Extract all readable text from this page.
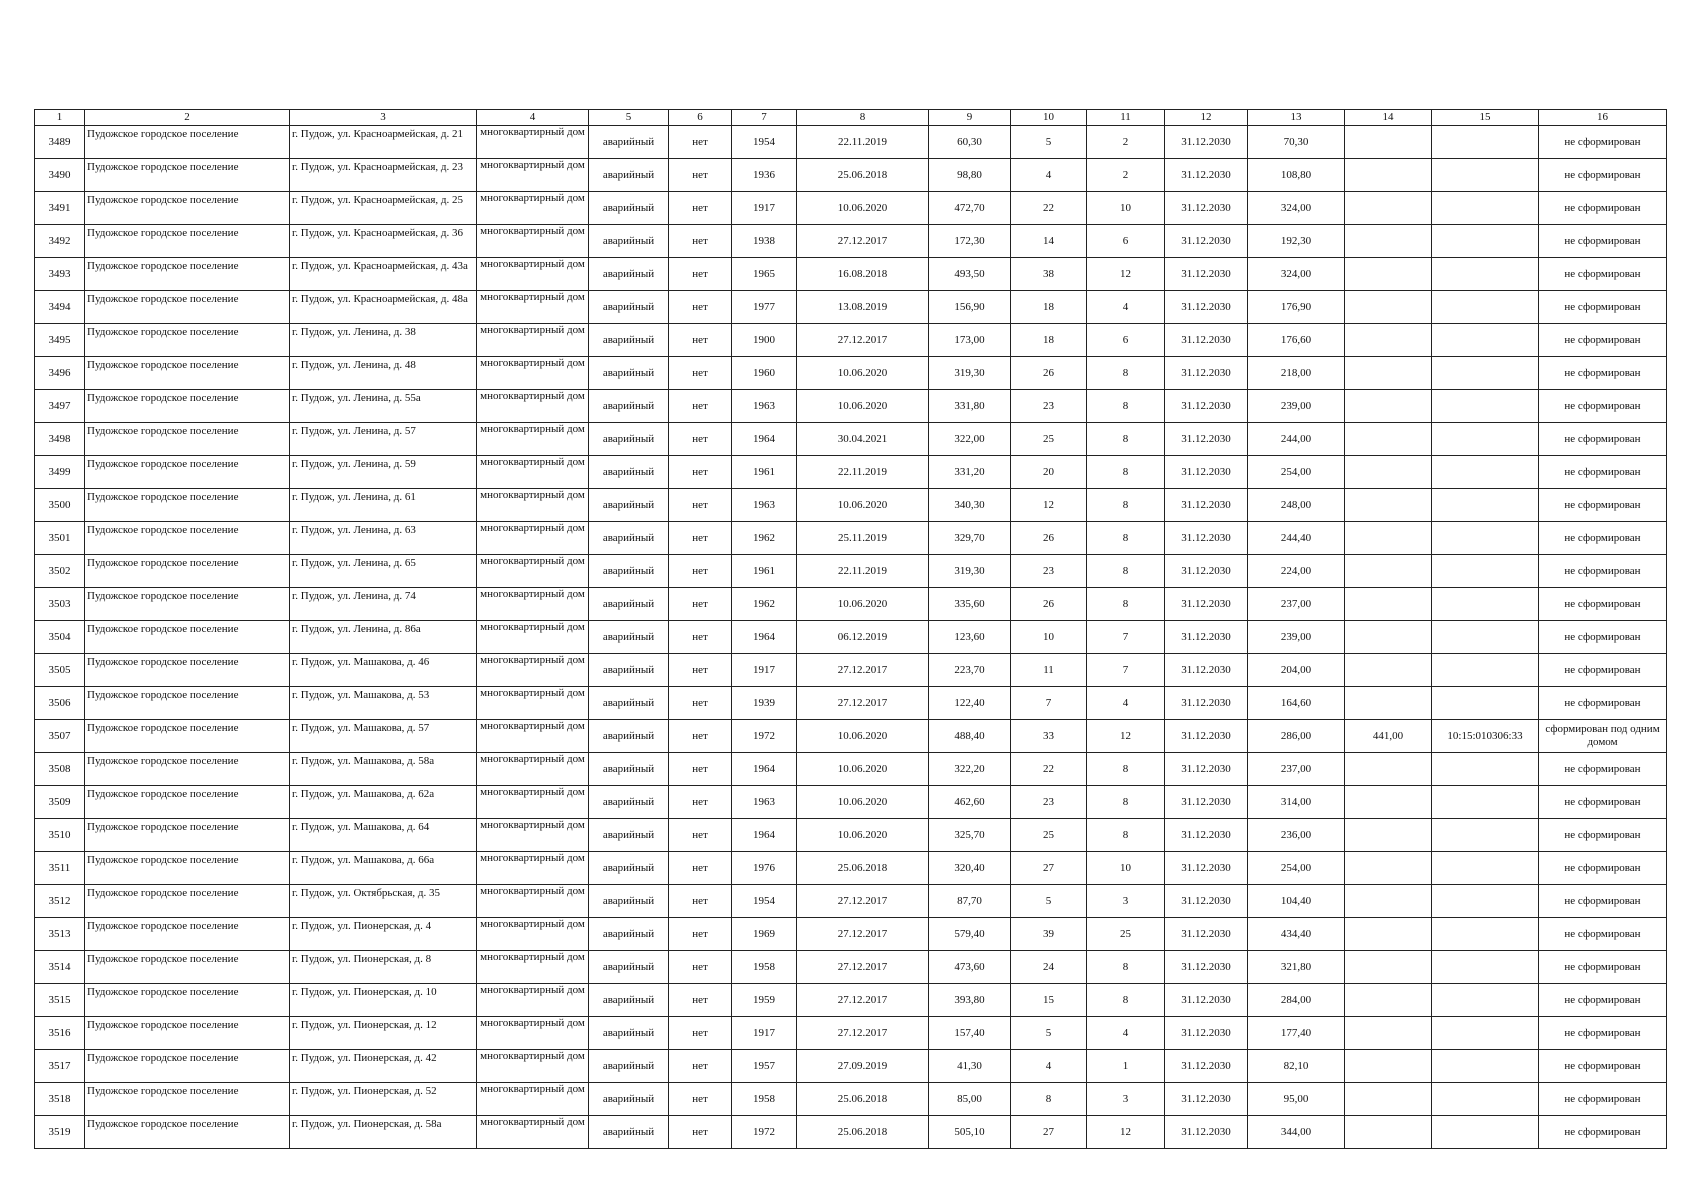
1	2	3	4	5	6	7	8	9	10	11	12	13	14	15	16
3489	Пудожское городское поселение	г. Пудож, ул. Красноармейская, д. 21	многоквартирный дом	аварийный	нет	1954	22.11.2019	60,30	5	2	31.12.2030	70,30			не сформирован
3490	Пудожское городское поселение	г. Пудож, ул. Красноармейская, д. 23	многоквартирный дом	аварийный	нет	1936	25.06.2018	98,80	4	2	31.12.2030	108,80			не сформирован
3491	Пудожское городское поселение	г. Пудож, ул. Красноармейская, д. 25	многоквартирный дом	аварийный	нет	1917	10.06.2020	472,70	22	10	31.12.2030	324,00			не сформирован
3492	Пудожское городское поселение	г. Пудож, ул. Красноармейская, д. 36	многоквартирный дом	аварийный	нет	1938	27.12.2017	172,30	14	6	31.12.2030	192,30			не сформирован
3493	Пудожское городское поселение	г. Пудож, ул. Красноармейская, д. 43а	многоквартирный дом	аварийный	нет	1965	16.08.2018	493,50	38	12	31.12.2030	324,00			не сформирован
3494	Пудожское городское поселение	г. Пудож, ул. Красноармейская, д. 48а	многоквартирный дом	аварийный	нет	1977	13.08.2019	156,90	18	4	31.12.2030	176,90			не сформирован
3495	Пудожское городское поселение	г. Пудож, ул. Ленина, д. 38	многоквартирный дом	аварийный	нет	1900	27.12.2017	173,00	18	6	31.12.2030	176,60			не сформирован
3496	Пудожское городское поселение	г. Пудож, ул. Ленина, д. 48	многоквартирный дом	аварийный	нет	1960	10.06.2020	319,30	26	8	31.12.2030	218,00			не сформирован
3497	Пудожское городское поселение	г. Пудож, ул. Ленина, д. 55а	многоквартирный дом	аварийный	нет	1963	10.06.2020	331,80	23	8	31.12.2030	239,00			не сформирован
3498	Пудожское городское поселение	г. Пудож, ул. Ленина, д. 57	многоквартирный дом	аварийный	нет	1964	30.04.2021	322,00	25	8	31.12.2030	244,00			не сформирован
3499	Пудожское городское поселение	г. Пудож, ул. Ленина, д. 59	многоквартирный дом	аварийный	нет	1961	22.11.2019	331,20	20	8	31.12.2030	254,00			не сформирован
3500	Пудожское городское поселение	г. Пудож, ул. Ленина, д. 61	многоквартирный дом	аварийный	нет	1963	10.06.2020	340,30	12	8	31.12.2030	248,00			не сформирован
3501	Пудожское городское поселение	г. Пудож, ул. Ленина, д. 63	многоквартирный дом	аварийный	нет	1962	25.11.2019	329,70	26	8	31.12.2030	244,40			не сформирован
3502	Пудожское городское поселение	г. Пудож, ул. Ленина, д. 65	многоквартирный дом	аварийный	нет	1961	22.11.2019	319,30	23	8	31.12.2030	224,00			не сформирован
3503	Пудожское городское поселение	г. Пудож, ул. Ленина, д. 74	многоквартирный дом	аварийный	нет	1962	10.06.2020	335,60	26	8	31.12.2030	237,00			не сформирован
3504	Пудожское городское поселение	г. Пудож, ул. Ленина, д. 86а	многоквартирный дом	аварийный	нет	1964	06.12.2019	123,60	10	7	31.12.2030	239,00			не сформирован
3505	Пудожское городское поселение	г. Пудож, ул. Машакова, д. 46	многоквартирный дом	аварийный	нет	1917	27.12.2017	223,70	11	7	31.12.2030	204,00			не сформирован
3506	Пудожское городское поселение	г. Пудож, ул. Машакова, д. 53	многоквартирный дом	аварийный	нет	1939	27.12.2017	122,40	7	4	31.12.2030	164,60			не сформирован
3507	Пудожское городское поселение	г. Пудож, ул. Машакова, д. 57	многоквартирный дом	аварийный	нет	1972	10.06.2020	488,40	33	12	31.12.2030	286,00	441,00	10:15:010306:33	сформирован под одним домом
3508	Пудожское городское поселение	г. Пудож, ул. Машакова, д. 58а	многоквартирный дом	аварийный	нет	1964	10.06.2020	322,20	22	8	31.12.2030	237,00			не сформирован
3509	Пудожское городское поселение	г. Пудож, ул. Машакова, д. 62а	многоквартирный дом	аварийный	нет	1963	10.06.2020	462,60	23	8	31.12.2030	314,00			не сформирован
3510	Пудожское городское поселение	г. Пудож, ул. Машакова, д. 64	многоквартирный дом	аварийный	нет	1964	10.06.2020	325,70	25	8	31.12.2030	236,00			не сформирован
3511	Пудожское городское поселение	г. Пудож, ул. Машакова, д. 66а	многоквартирный дом	аварийный	нет	1976	25.06.2018	320,40	27	10	31.12.2030	254,00			не сформирован
3512	Пудожское городское поселение	г. Пудож, ул. Октябрьская, д. 35	многоквартирный дом	аварийный	нет	1954	27.12.2017	87,70	5	3	31.12.2030	104,40			не сформирован
3513	Пудожское городское поселение	г. Пудож, ул. Пионерская, д. 4	многоквартирный дом	аварийный	нет	1969	27.12.2017	579,40	39	25	31.12.2030	434,40			не сформирован
3514	Пудожское городское поселение	г. Пудож, ул. Пионерская, д. 8	многоквартирный дом	аварийный	нет	1958	27.12.2017	473,60	24	8	31.12.2030	321,80			не сформирован
3515	Пудожское городское поселение	г. Пудож, ул. Пионерская, д. 10	многоквартирный дом	аварийный	нет	1959	27.12.2017	393,80	15	8	31.12.2030	284,00			не сформирован
3516	Пудожское городское поселение	г. Пудож, ул. Пионерская, д. 12	многоквартирный дом	аварийный	нет	1917	27.12.2017	157,40	5	4	31.12.2030	177,40			не сформирован
3517	Пудожское городское поселение	г. Пудож, ул. Пионерская, д. 42	многоквартирный дом	аварийный	нет	1957	27.09.2019	41,30	4	1	31.12.2030	82,10			не сформирован
3518	Пудожское городское поселение	г. Пудож, ул. Пионерская, д. 52	многоквартирный дом	аварийный	нет	1958	25.06.2018	85,00	8	3	31.12.2030	95,00			не сформирован
3519	Пудожское городское поселение	г. Пудож, ул. Пионерская, д. 58а	многоквартирный дом	аварийный	нет	1972	25.06.2018	505,10	27	12	31.12.2030	344,00			не сформирован
